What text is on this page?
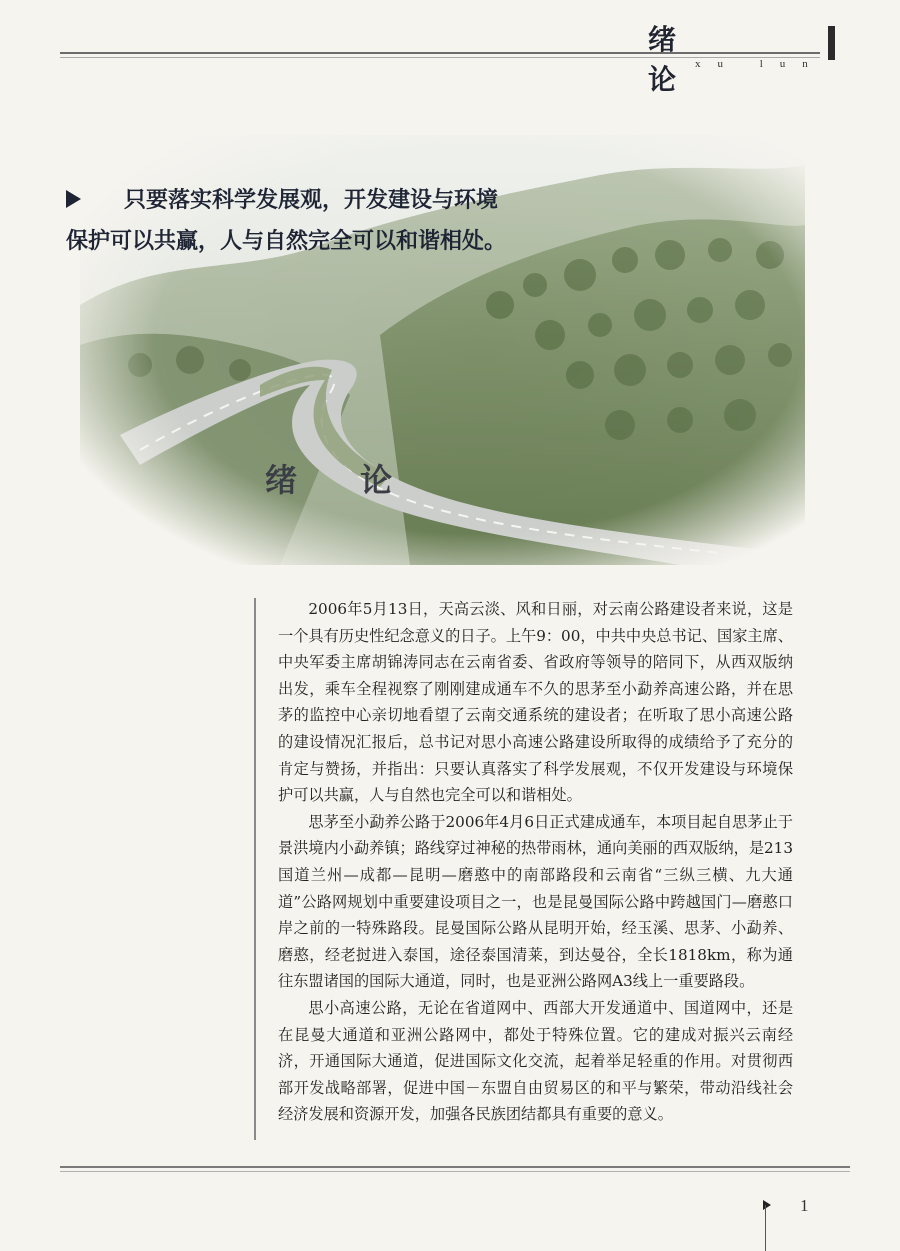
绪 论 xu lun
只要落实科学发展观，开发建设与环境保护可以共赢，人与自然完全可以和谐相处。
绪 论

2006年5月13日，天高云淡、风和日丽，对云南公路建设者来说，这是一个具有历史性纪念意义的日子。上午9：00，中共中央总书记、国家主席、中央军委主席胡锦涛同志在云南省委、省政府等领导的陪同下，从西双版纳出发，乘车全程视察了刚刚建成通车不久的思茅至小勐养高速公路，并在思茅的监控中心亲切地看望了云南交通系统的建设者；在听取了思小高速公路的建设情况汇报后，总书记对思小高速公路建设所取得的成绩给予了充分的肯定与赞扬，并指出：只要认真落实了科学发展观，不仅开发建设与环境保护可以共赢，人与自然也完全可以和谐相处。

思茅至小勐养公路于2006年4月6日正式建成通车，本项目起自思茅止于景洪境内小勐养镇；路线穿过神秘的热带雨林，通向美丽的西双版纳，是213国道兰州—成都—昆明—磨憨中的南部路段和云南省“三纵三横、九大通道”公路网规划中重要建设项目之一，也是昆曼国际公路中跨越国门—磨憨口岸之前的一特殊路段。昆曼国际公路从昆明开始，经玉溪、思茅、小勐养、磨憨，经老挝进入泰国，途径泰国清莱，到达曼谷，全长1818km，称为通往东盟诸国的国际大通道，同时，也是亚洲公路网A3线上一重要路段。

思小高速公路，无论在省道网中、西部大开发通道中、国道网中，还是在昆曼大通道和亚洲公路网中，都处于特殊位置。它的建成对振兴云南经济，开通国际大通道，促进国际文化交流，起着举足轻重的作用。对贯彻西部开发战略部署，促进中国－东盟自由贸易区的和平与繁荣，带动沿线社会经济发展和资源开发，加强各民族团结都具有重要的意义。

1
